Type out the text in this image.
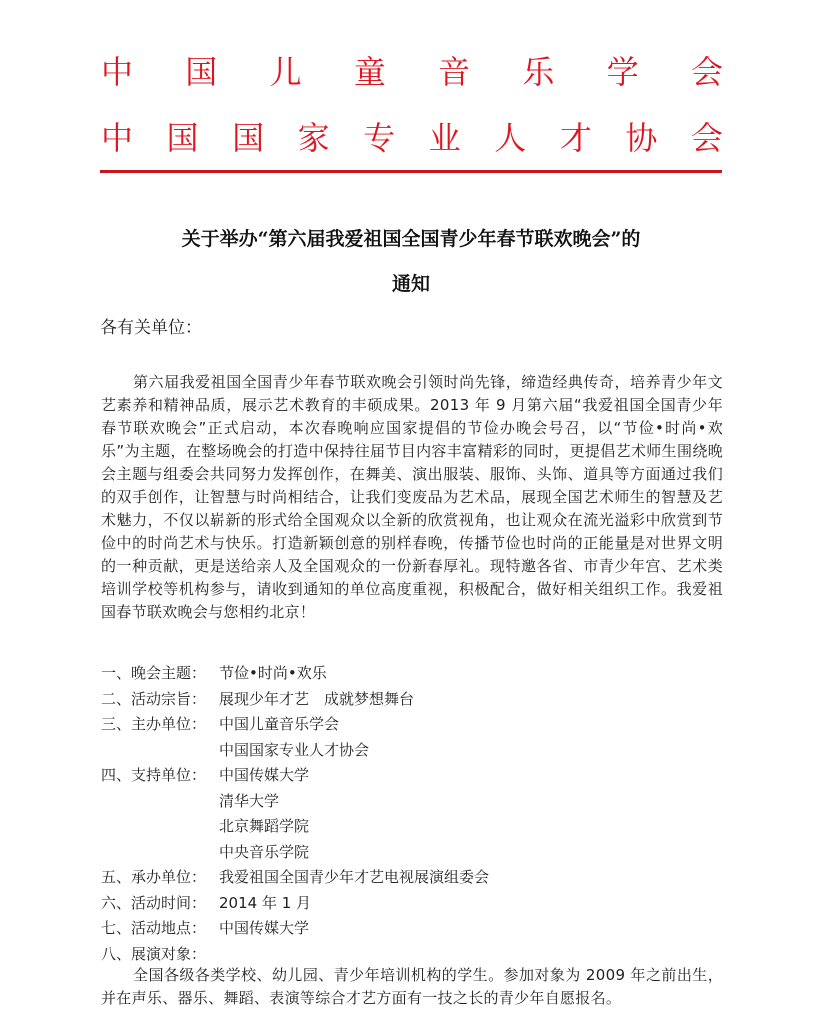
中 国 儿 童 音 乐 学 会
中 国 国 家 专 业 人 才 协 会
关于举办“第六届我爱祖国全国青少年春节联欢晚会”的
通知
各有关单位：
第六届我爱祖国全国青少年春节联欢晚会引领时尚先锋，缔造经典传奇，培养青少年文艺素养和精神品质，展示艺术教育的丰硕成果。2013 年 9 月第六届“我爱祖国全国青少年春节联欢晚会”正式启动，本次春晚响应国家提倡的节俭办晚会号召，以“节俭•时尚•欢乐”为主题，在整场晚会的打造中保持往届节目内容丰富精彩的同时，更提倡艺术师生围绕晚会主题与组委会共同努力发挥创作，在舞美、演出服装、服饰、头饰、道具等方面通过我们的双手创作，让智慧与时尚相结合，让我们变废品为艺术品，展现全国艺术师生的智慧及艺术魅力，不仅以崭新的形式给全国观众以全新的欣赏视角，也让观众在流光溢彩中欣赏到节俭中的时尚艺术与快乐。打造新颖创意的别样春晚，传播节俭也时尚的正能量是对世界文明的一种贡献，更是送给亲人及全国观众的一份新春厚礼。现特邀各省、市青少年宫、艺术类培训学校等机构参与，请收到通知的单位高度重视，积极配合，做好相关组织工作。我爱祖国春节联欢晚会与您相约北京！
一、晚会主题： 节俭•时尚•欢乐
二、活动宗旨： 展现少年才艺　成就梦想舞台
三、主办单位： 中国儿童音乐学会
中国国家专业人才协会
四、支持单位： 中国传媒大学
清华大学
北京舞蹈学院
中央音乐学院
五、承办单位： 我爱祖国全国青少年才艺电视展演组委会
六、活动时间： 2014 年 1 月
七、活动地点： 中国传媒大学
八、展演对象：
全国各级各类学校、幼儿园、青少年培训机构的学生。参加对象为 2009 年之前出生，并在声乐、器乐、舞蹈、表演等综合才艺方面有一技之长的青少年自愿报名。
